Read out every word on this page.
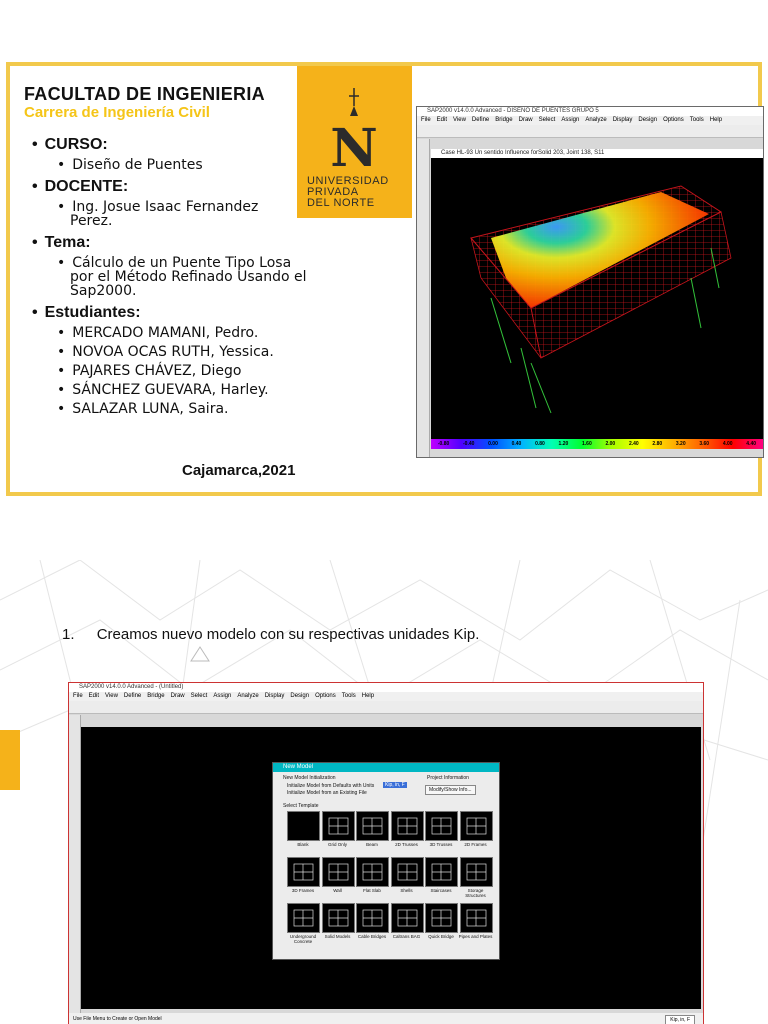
FACULTAD DE INGENIERIA
Carrera de Ingeniería Civil
• CURSO:
• Diseño de Puentes
• DOCENTE:
• Ing. Josue Isaac Fernandez Perez.
• Tema:
• Cálculo de un Puente Tipo Losa por el Método Refinado Usando el Sap2000.
• Estudiantes:
• MERCADO MAMANI, Pedro.
• NOVOA OCAS RUTH, Yessica.
• PAJARES CHÁVEZ, Diego
• SÁNCHEZ GUEVARA, Harley.
• SALAZAR LUNA, Saira.
N
UNIVERSIDAD
PRIVADA
DEL NORTE
SAP2000 v14.0.0 Advanced - DISEÑO DE PUENTES GRUPO 5
File Edit View Define Bridge Draw Select Assign Analyze Display Design Options Tools Help
Case HL-93 Un sentido Influence forSolid 203, Joint 138, S11
-0.80	-0.40	0.00	0.40	0.80	1.20	1.60	2.00	2.40	2.80	3.20	3.60	4.00	4.40
Cajamarca,2021
1. Creamos nuevo modelo con su respectivas unidades Kip.
SAP2000 v14.0.0 Advanced - (Untitled)
File Edit View Define Bridge Draw Select Assign Analyze Display Design Options Tools Help
Use File Menu to Create or Open Model	Kip, in, F
New Model
New Model Initialization
Initialize Model from Defaults with Units
Initialize Model from an Existing File
Kip, in, F
Project Information
Modify/Show Info...
Select Template
Blank	Grid Only	Beam	2D Trusses	3D Trusses	2D Frames
3D Frames	Wall	Flat Slab	Shells	Staircases	Storage Structures
Underground Concrete
Solid Models	Cable Bridges	Caltrans BAG	Quick Bridge	Pipes and Plates
